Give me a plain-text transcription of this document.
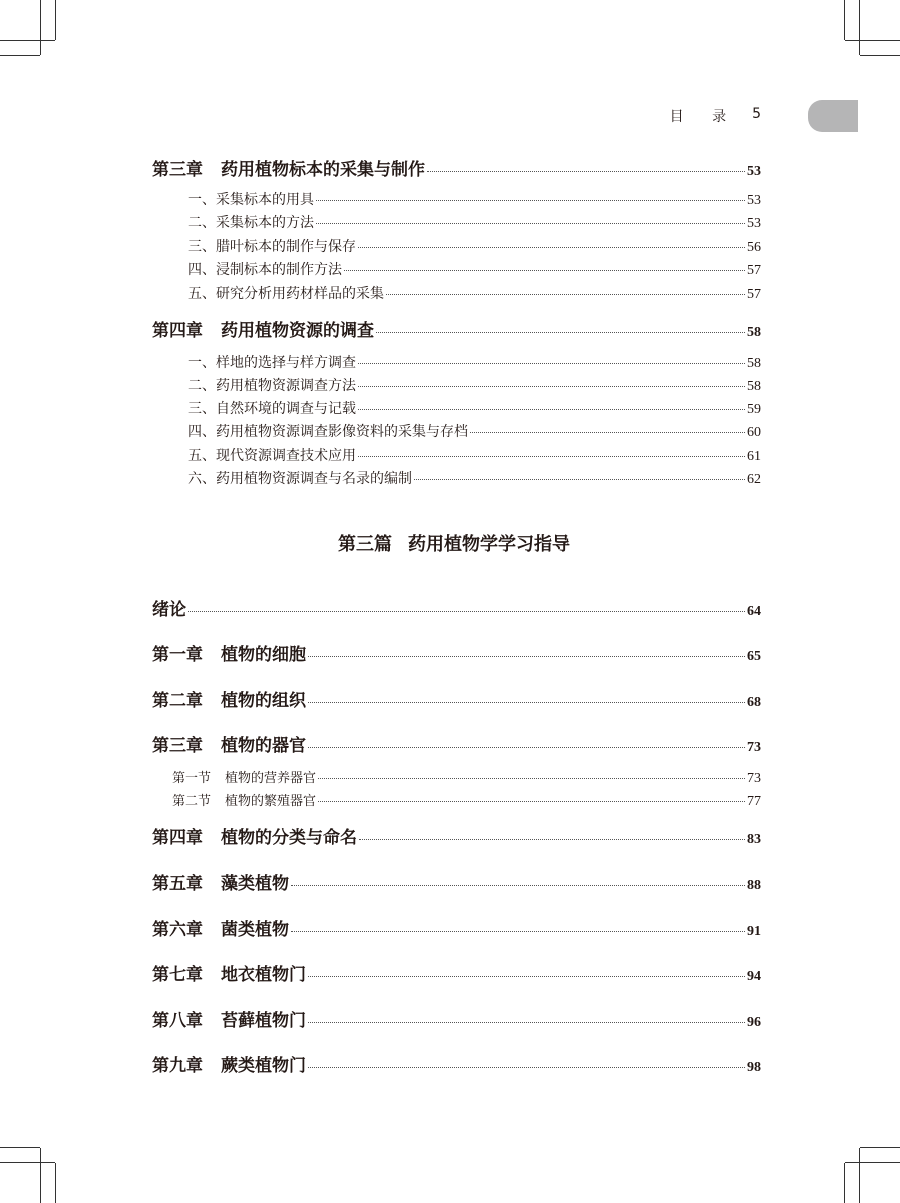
目 录 5
第三章 药用植物标本的采集与制作	53
一、采集标本的用具	53
二、采集标本的方法	53
三、腊叶标本的制作与保存	56
四、浸制标本的制作方法	57
五、研究分析用药材样品的采集	57
第四章 药用植物资源的调查	58
一、样地的选择与样方调查	58
二、药用植物资源调查方法	58
三、自然环境的调查与记载	59
四、药用植物资源调查影像资料的采集与存档	60
五、现代资源调查技术应用	61
六、药用植物资源调查与名录的编制	62
第三篇 药用植物学学习指导
绪论	64
第一章 植物的细胞	65
第二章 植物的组织	68
第三章 植物的器官	73
第一节 植物的营养器官	73
第二节 植物的繁殖器官	77
第四章 植物的分类与命名	83
第五章 藻类植物	88
第六章 菌类植物	91
第七章 地衣植物门	94
第八章 苔藓植物门	96
第九章 蕨类植物门	98
